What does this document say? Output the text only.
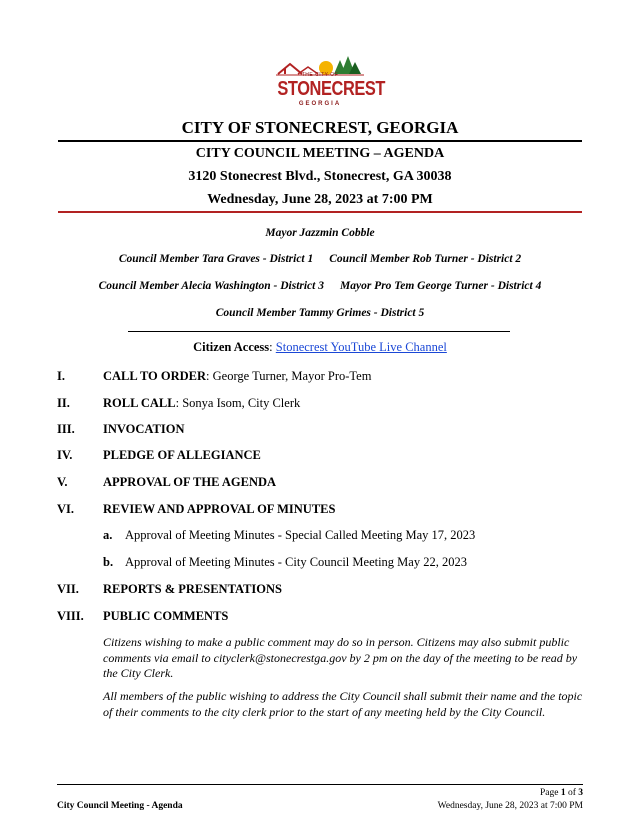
THE CITY OF
STONECREST
GEORGIA
CITY OF STONECREST, GEORGIA
CITY COUNCIL MEETING – AGENDA
3120 Stonecrest Blvd., Stonecrest, GA 30038
Wednesday, June 28, 2023 at 7:00 PM
Mayor Jazzmin Cobble
Council Member Tara Graves - District 1 Council Member Rob Turner - District 2
Council Member Alecia Washington - District 3 Mayor Pro Tem George Turner - District 4
Council Member Tammy Grimes - District 5
Citizen Access: Stonecrest YouTube Live Channel
I.	CALL TO ORDER: George Turner, Mayor Pro-Tem
II.	ROLL CALL: Sonya Isom, City Clerk
III. INVOCATION
IV. PLEDGE OF ALLEGIANCE
V.	APPROVAL OF THE AGENDA
VI. REVIEW AND APPROVAL OF MINUTES
a. Approval of Meeting Minutes - Special Called Meeting May 17, 2023
b. Approval of Meeting Minutes - City Council Meeting May 22, 2023
VII. REPORTS & PRESENTATIONS
VIII. PUBLIC COMMENTS
Citizens wishing to make a public comment may do so in person. Citizens may also submit public comments via email to cityclerk@stonecrestga.gov by 2 pm on the day of the meeting to be read by the City Clerk.
All members of the public wishing to address the City Council shall submit their name and the topic of their comments to the city clerk prior to the start of any meeting held by the City Council.
Page 1 of 3
City Council Meeting - Agenda	Wednesday, June 28, 2023 at 7:00 PM
